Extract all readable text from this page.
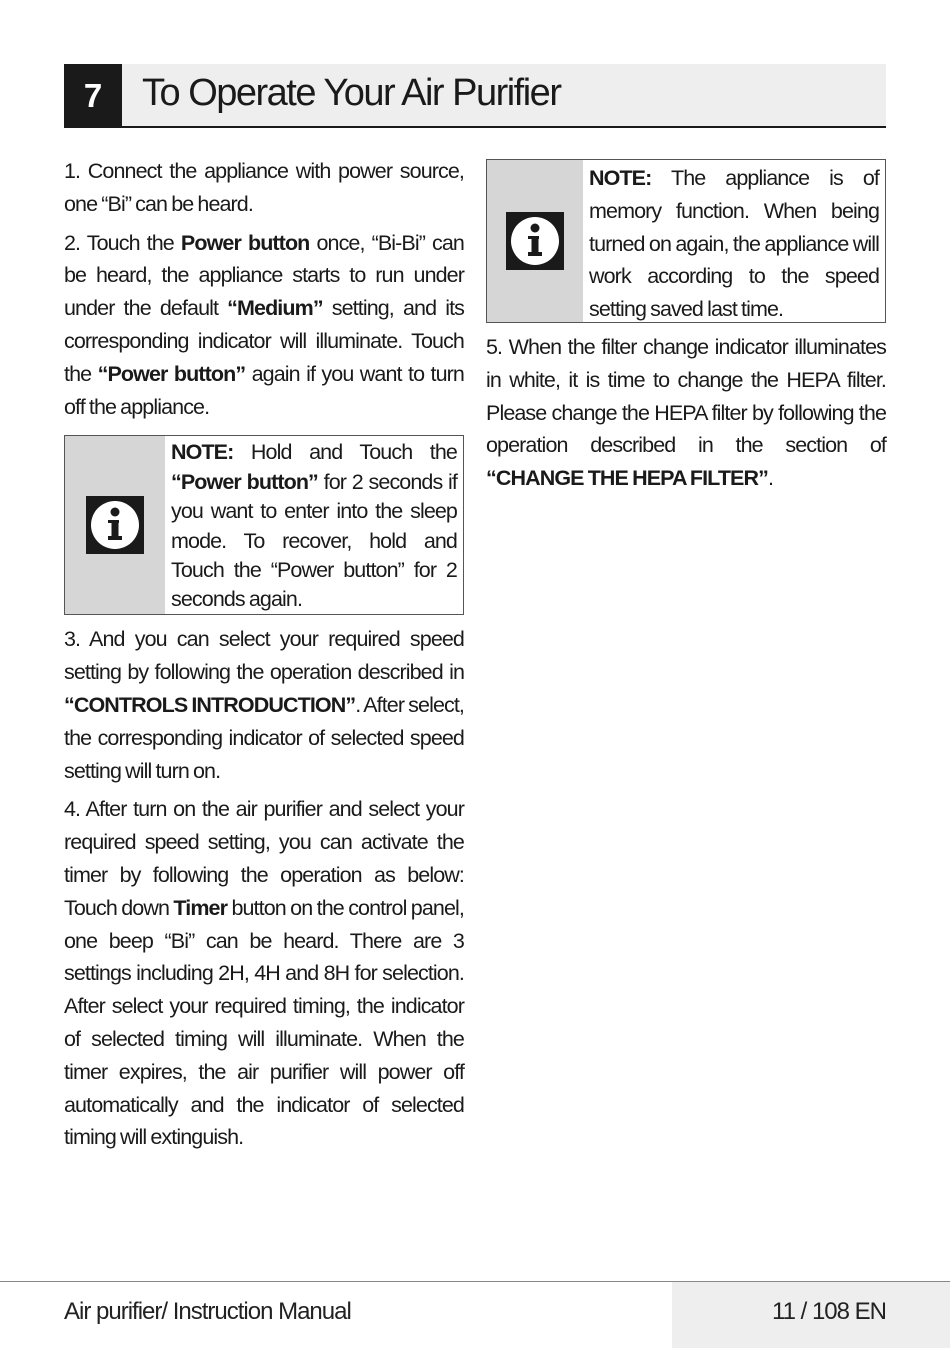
7	To Operate Your Air Purifier

1. Connect the appliance with power source, one “Bi” can be heard.

2. Touch the Power button once, “Bi-Bi” can be heard, the appliance starts to run under under the default “Medium” setting, and its corresponding indicator will illuminate. Touch the “Power button” again if you want to turn off the appliance.

NOTE: Hold and Touch the “Power button” for 2 seconds if you want to enter into the sleep mode. To recover, hold and Touch the “Power button” for 2 seconds again.

3. And you can select your required speed setting by following the operation described in “CONTROLS INTRODUCTION”. After select, the corresponding indicator of selected speed setting will turn on.

4. After turn on the air purifier and select your required speed setting, you can activate the timer by following the operation as below: Touch down Timer button on the control panel, one beep “Bi” can be heard. There are 3 settings including 2H, 4H and 8H for selection. After select your required timing, the indicator of selected timing will illuminate. When the timer expires, the air purifier will power off automatically and the indicator of selected timing will extinguish.

NOTE: The appliance is of memory function. When being turned on again, the appliance will work according to the speed setting saved last time.

5. When the filter change indicator illuminates in white, it is time to change the HEPA filter. Please change the HEPA filter by following the operation described in the section of “CHANGE THE HEPA FILTER”.

Air purifier/ Instruction Manual	11 / 108 EN
